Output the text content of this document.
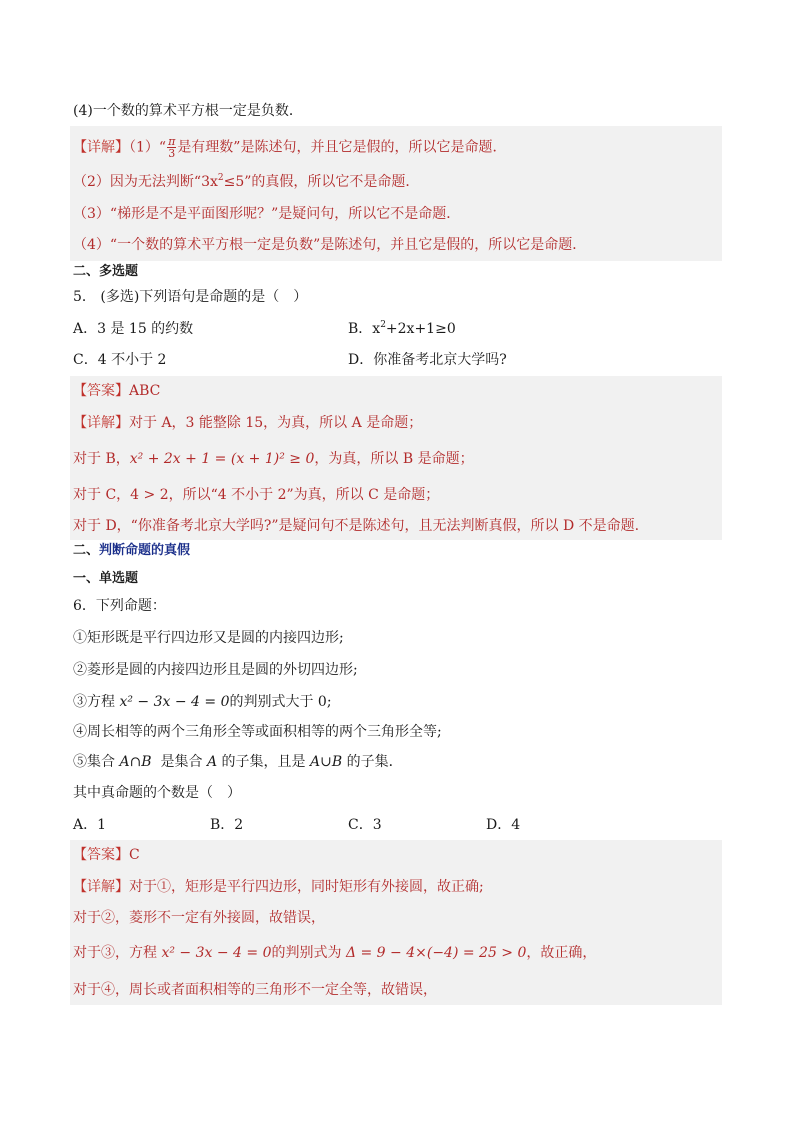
(4)一个数的算术平方根一定是负数．
【详解】（1）“ $\frac{\pi}{3}$ 是有理数”是陈述句，并且它是假的，所以它是命题．
（2）因为无法判断“$3x^2\le 5$”的真假，所以它不是命题．
（3）“梯形是不是平面图形呢？”是疑问句，所以它不是命题．
（4）“一个数的算术平方根一定是负数”是陈述句，并且它是假的，所以它是命题．
二、多选题
5． (多选)下列语句是命题的是（　）
A．3 是 15 的约数	B．$x^2+2x+1\ge 0$
C．4 不小于 2	D．你准备考北京大学吗?
【答案】ABC
【详解】对于 A，3 能整除 15，为真，所以 A 是命题；
对于 B，x² + 2x + 1 = (x + 1)² ≥ 0，为真，所以 B 是命题；
对于 C，4 > 2，所以“4 不小于 2”为真，所以 C 是命题；
对于 D，“你准备考北京大学吗?”是疑问句不是陈述句，且无法判断真假，所以 D 不是命题.
二、判断命题的真假
一、单选题
6．下列命题：
①矩形既是平行四边形又是圆的内接四边形;
②菱形是圆的内接四边形且是圆的外切四边形;
③方程 x² − 3x − 4 = 0的判别式大于 0;
④周长相等的两个三角形全等或面积相等的两个三角形全等;
⑤集合 A∩B  是集合 A 的子集，且是 A∪B 的子集．
其中真命题的个数是（　）
A．1	B．2	C．3	D．4
【答案】C
【详解】对于①，矩形是平行四边形，同时矩形有外接圆，故正确;
对于②，菱形不一定有外接圆，故错误，
对于③，方程 x² − 3x − 4 = 0的判别式为 Δ = 9 − 4×(−4) = 25 > 0，故正确，
对于④，周长或者面积相等的三角形不一定全等，故错误，
